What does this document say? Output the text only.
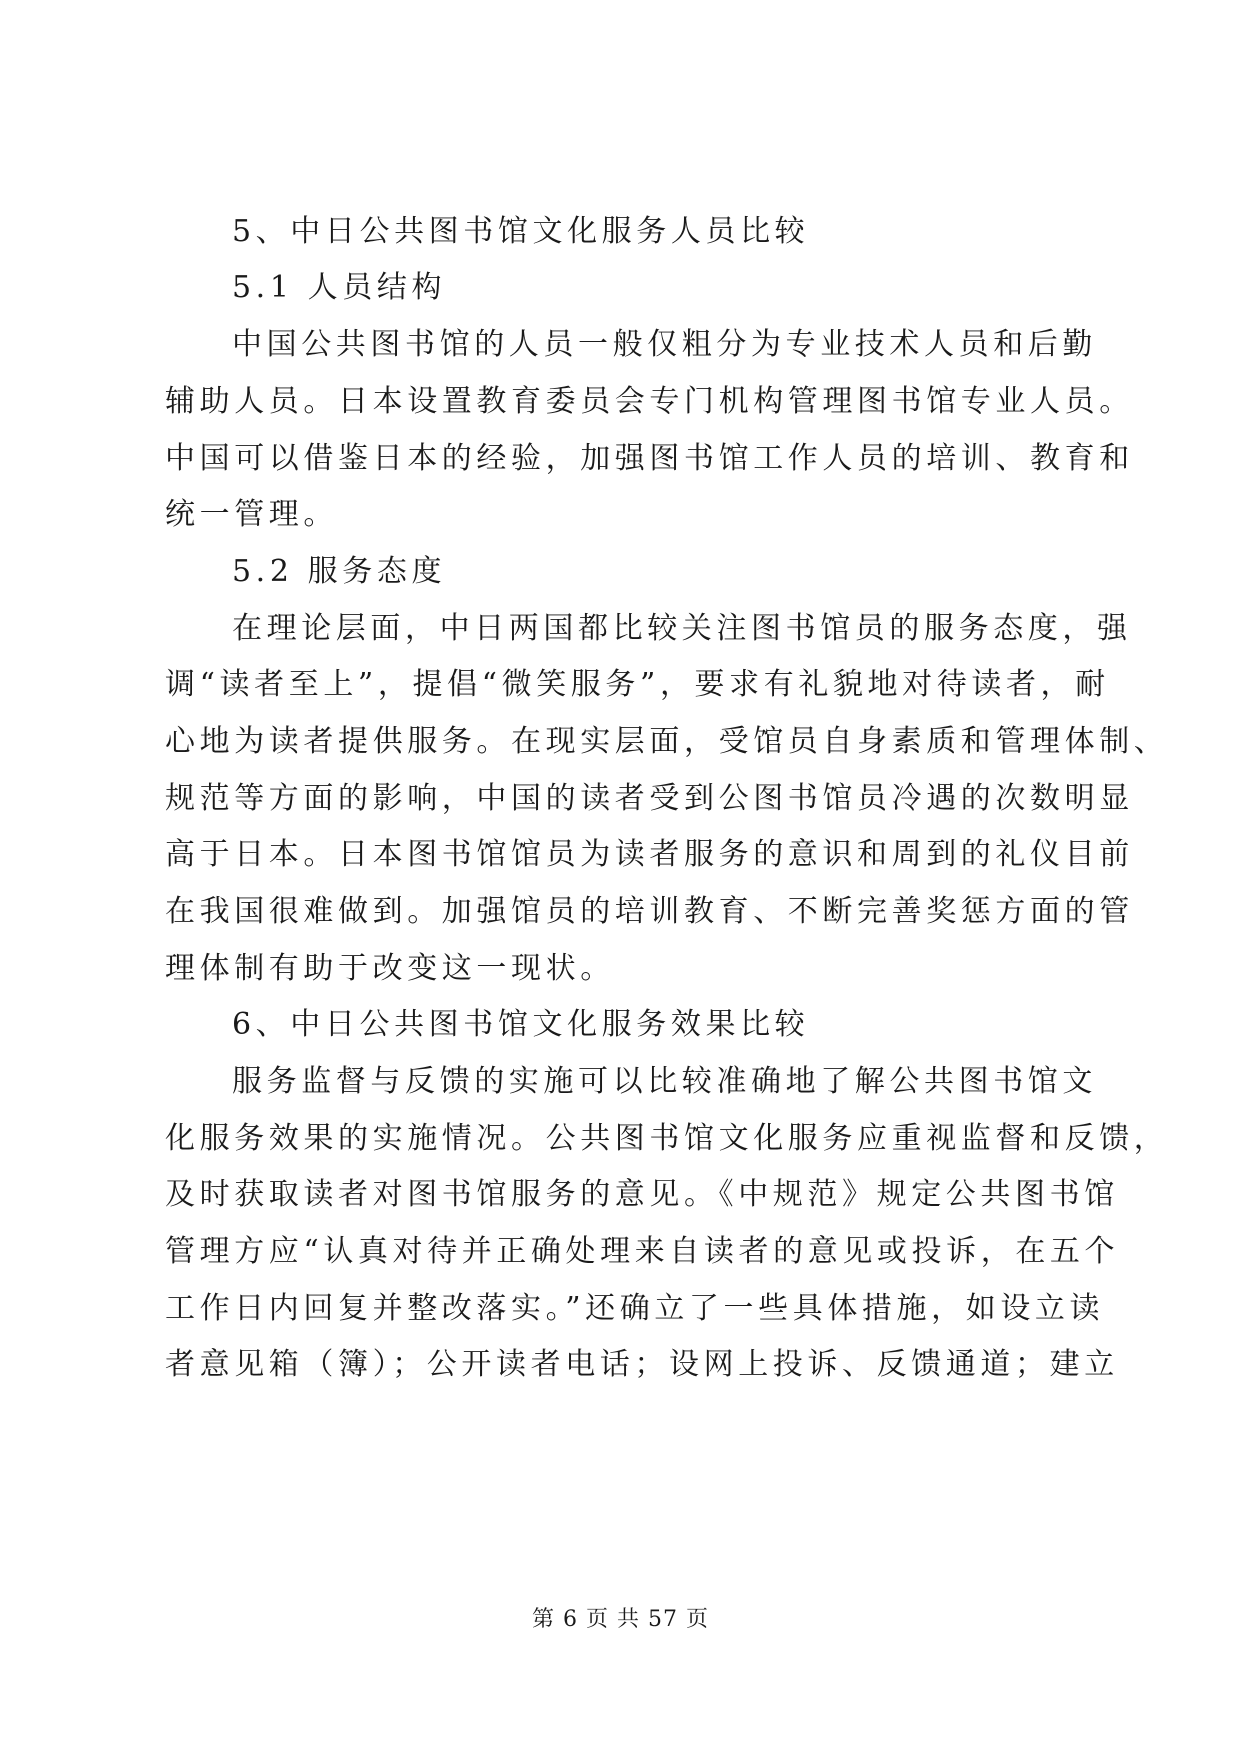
5、中日公共图书馆文化服务人员比较
5.1 人员结构
中国公共图书馆的人员一般仅粗分为专业技术人员和后勤
辅助人员。日本设置教育委员会专门机构管理图书馆专业人员。
中国可以借鉴日本的经验，加强图书馆工作人员的培训、教育和
统一管理。
5.2 服务态度
在理论层面，中日两国都比较关注图书馆员的服务态度，强
调“读者至上”，提倡“微笑服务”，要求有礼貌地对待读者，耐
心地为读者提供服务。在现实层面，受馆员自身素质和管理体制、
规范等方面的影响，中国的读者受到公图书馆员冷遇的次数明显
高于日本。日本图书馆馆员为读者服务的意识和周到的礼仪目前
在我国很难做到。加强馆员的培训教育、不断完善奖惩方面的管
理体制有助于改变这一现状。
6、中日公共图书馆文化服务效果比较
服务监督与反馈的实施可以比较准确地了解公共图书馆文
化服务效果的实施情况。公共图书馆文化服务应重视监督和反馈，
及时获取读者对图书馆服务的意见。《中规范》规定公共图书馆
管理方应“认真对待并正确处理来自读者的意见或投诉，在五个
工作日内回复并整改落实。”还确立了一些具体措施，如设立读
者意见箱（簿）；公开读者电话；设网上投诉、反馈通道；建立
第 6 页 共 57 页
